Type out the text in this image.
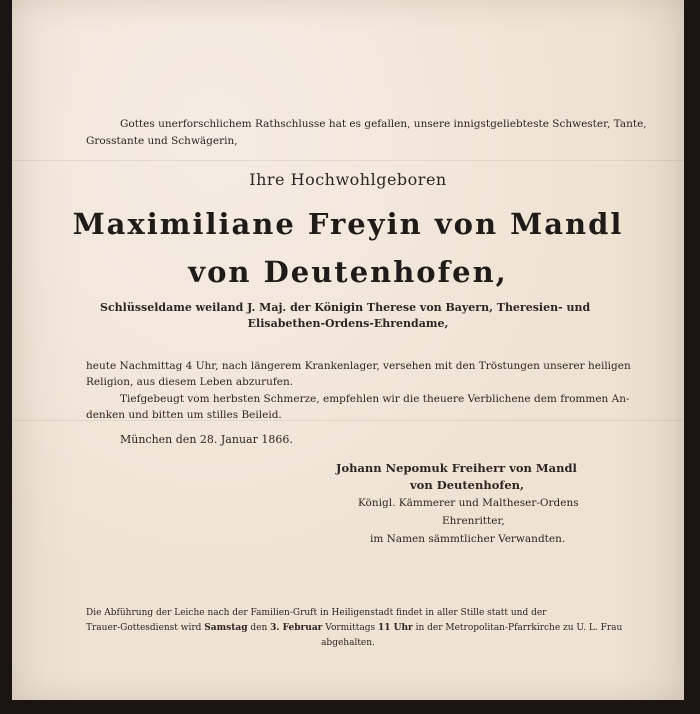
Gottes unerforschlichem Rathschlusse hat es gefallen, unsere innigstgeliebteste Schwester, Tante,
Grosstante und Schwägerin,
Ihre Hochwohlgeboren
Maximiliane Freyin von Mandl
von Deutenhofen,
Schlüsseldame weiland J. Maj. der Königin Therese von Bayern, Theresien- und
Elisabethen-Ordens-Ehrendame,
heute Nachmittag 4 Uhr, nach längerem Krankenlager, versehen mit den Tröstungen unserer heiligen
Religion, aus diesem Leben abzurufen.
Tiefgebeugt vom herbsten Schmerze, empfehlen wir die theuere Verblichene dem frommen An-
denken und bitten um stilles Beileid.
München den 28. Januar 1866.
Johann Nepomuk Freiherr von Mandl
von Deutenhofen,
Königl. Kämmerer und Maltheser-Ordens
Ehrenritter,
im Namen sämmtlicher Verwandten.
Die Abführung der Leiche nach der Familien-Gruft in Heiligenstadt findet in aller Stille statt und der
Trauer-Gottesdienst wird Samstag den 3. Februar Vormittags 11 Uhr in der Metropolitan-Pfarrkirche zu U. L. Frau
abgehalten.
